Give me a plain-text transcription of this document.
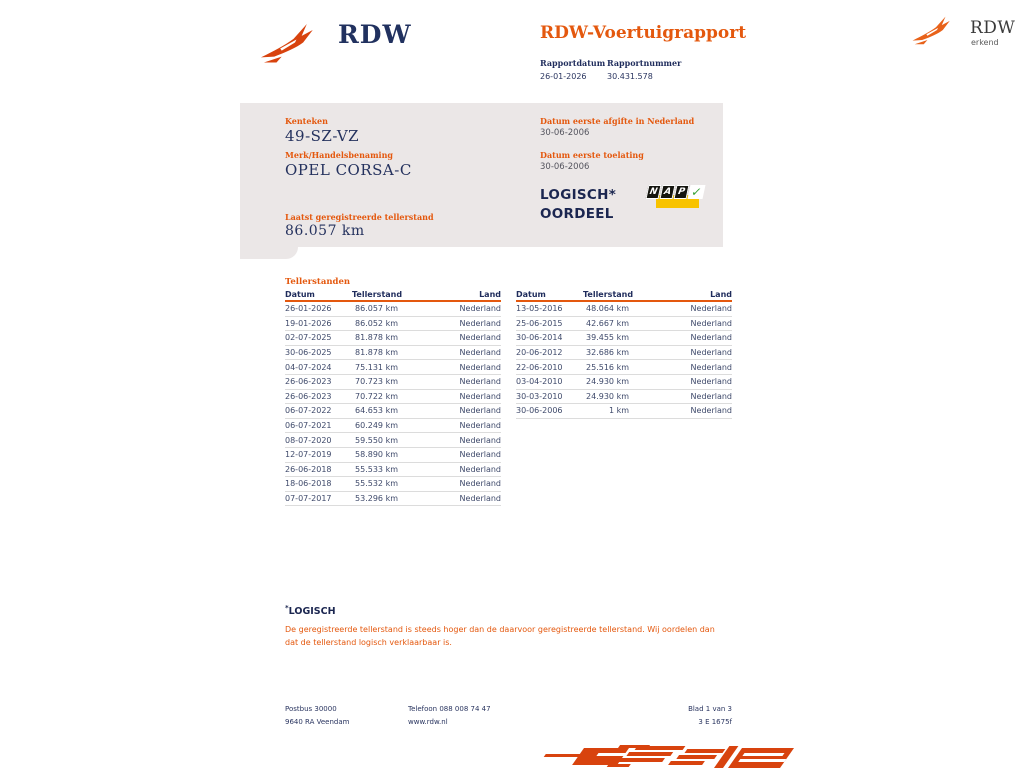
RDW	RDW-Voertuigrapport
Rapportdatum
26-01-2026
Rapportnummer
30.431.578
RDW
erkend
Kenteken
49-SZ-VZ
Merk/Handelsbenaming
OPEL CORSA-C
Laatst geregistreerde tellerstand
86.057 km
Datum eerste afgifte in Nederland
30-06-2006
Datum eerste toelating
30-06-2006
LOGISCH*
OORDEEL
N A P ✓
Tellerstanden
Datum	Tellerstand	Land
26-01-2026	86.057 km	Nederland
19-01-2026	86.052 km	Nederland
02-07-2025	81.878 km	Nederland
30-06-2025	81.878 km	Nederland
04-07-2024	75.131 km	Nederland
26-06-2023	70.723 km	Nederland
26-06-2023	70.722 km	Nederland
06-07-2022	64.653 km	Nederland
06-07-2021	60.249 km	Nederland
08-07-2020	59.550 km	Nederland
12-07-2019	58.890 km	Nederland
26-06-2018	55.533 km	Nederland
18-06-2018	55.532 km	Nederland
07-07-2017	53.296 km	Nederland
Datum	Tellerstand	Land
13-05-2016	48.064 km	Nederland
25-06-2015	42.667 km	Nederland
30-06-2014	39.455 km	Nederland
20-06-2012	32.686 km	Nederland
22-06-2010	25.516 km	Nederland
03-04-2010	24.930 km	Nederland
30-03-2010	24.930 km	Nederland
30-06-2006	1 km	Nederland
*LOGISCH
De geregistreerde tellerstand is steeds hoger dan de daarvoor geregistreerde tellerstand. Wij oordelen dan dat de tellerstand logisch verklaarbaar is.
Postbus 30000
9640 RA Veendam
Telefoon 088 008 74 47
www.rdw.nl
Blad 1 van 3
3 E 1675f
